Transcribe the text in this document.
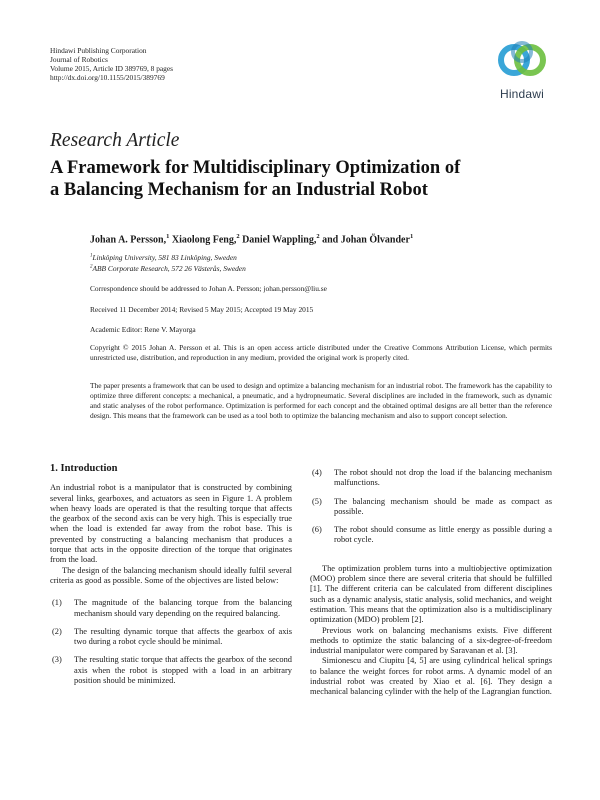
Hindawi Publishing Corporation
Journal of Robotics
Volume 2015, Article ID 389769, 8 pages
http://dx.doi.org/10.1155/2015/389769
Hindawi
Research Article
A Framework for Multidisciplinary Optimization of
a Balancing Mechanism for an Industrial Robot
Johan A. Persson,$^1$ Xiaolong Feng,$^2$ Daniel Wappling,$^2$ and Johan Ölvander$^1$
$^1$Linköping University, 581 83 Linköping, Sweden
$^2$ABB Corporate Research, 572 26 Västerås, Sweden
Correspondence should be addressed to Johan A. Persson; johan.persson@liu.se
Received 11 December 2014; Revised 5 May 2015; Accepted 19 May 2015
Academic Editor: Rene V. Mayorga
Copyright © 2015 Johan A. Persson et al. This is an open access article distributed under the Creative Commons Attribution License, which permits unrestricted use, distribution, and reproduction in any medium, provided the original work is properly cited.
The paper presents a framework that can be used to design and optimize a balancing mechanism for an industrial robot. The framework has the capability to optimize three different concepts: a mechanical, a pneumatic, and a hydropneumatic. Several disciplines are included in the framework, such as dynamic and static analyses of the robot performance. Optimization is performed for each concept and the obtained optimal designs are all better than the reference design. This means that the framework can be used as a tool both to optimize the balancing mechanism and also to support concept selection.
1. Introduction

An industrial robot is a manipulator that is constructed by combining several links, gearboxes, and actuators as seen in Figure 1. A problem when heavy loads are operated is that the resulting torque that affects the gearbox of the second axis can be very high. This is especially true when the load is extended far away from the robot base. This is prevented by constructing a balancing mechanism that produces a torque that acts in the opposite direction of the torque that originates from the load.

The design of the balancing mechanism should ideally fulfil several criteria as good as possible. Some of the objectives are listed below:

(1) The magnitude of the balancing torque from the balancing mechanism should vary depending on the required balancing.
(2) The resulting dynamic torque that affects the gearbox of axis two during a robot cycle should be minimal.
(3) The resulting static torque that affects the gearbox of the second axis when the robot is stopped with a load in an arbitrary position should be minimized.
(4) The robot should not drop the load if the balancing mechanism malfunctions.
(5) The balancing mechanism should be made as compact as possible.
(6) The robot should consume as little energy as possible during a robot cycle.

The optimization problem turns into a multiobjective optimization (MOO) problem since there are several criteria that should be fulfilled [1]. The different criteria can be calculated from different disciplines such as a dynamic analysis, static analysis, solid mechanics, and weight estimation. This means that the optimization also is a multidisciplinary optimization (MDO) problem [2].

Previous work on balancing mechanisms exists. Five different methods to optimize the static balancing of a six-degree-of-freedom industrial manipulator were compared by Saravanan et al. [3].

Simionescu and Ciupitu [4, 5] are using cylindrical helical springs to balance the weight forces for robot arms. A dynamic model of an industrial robot was created by Xiao et al. [6]. They design a mechanical balancing cylinder with the help of the Lagrangian function.
